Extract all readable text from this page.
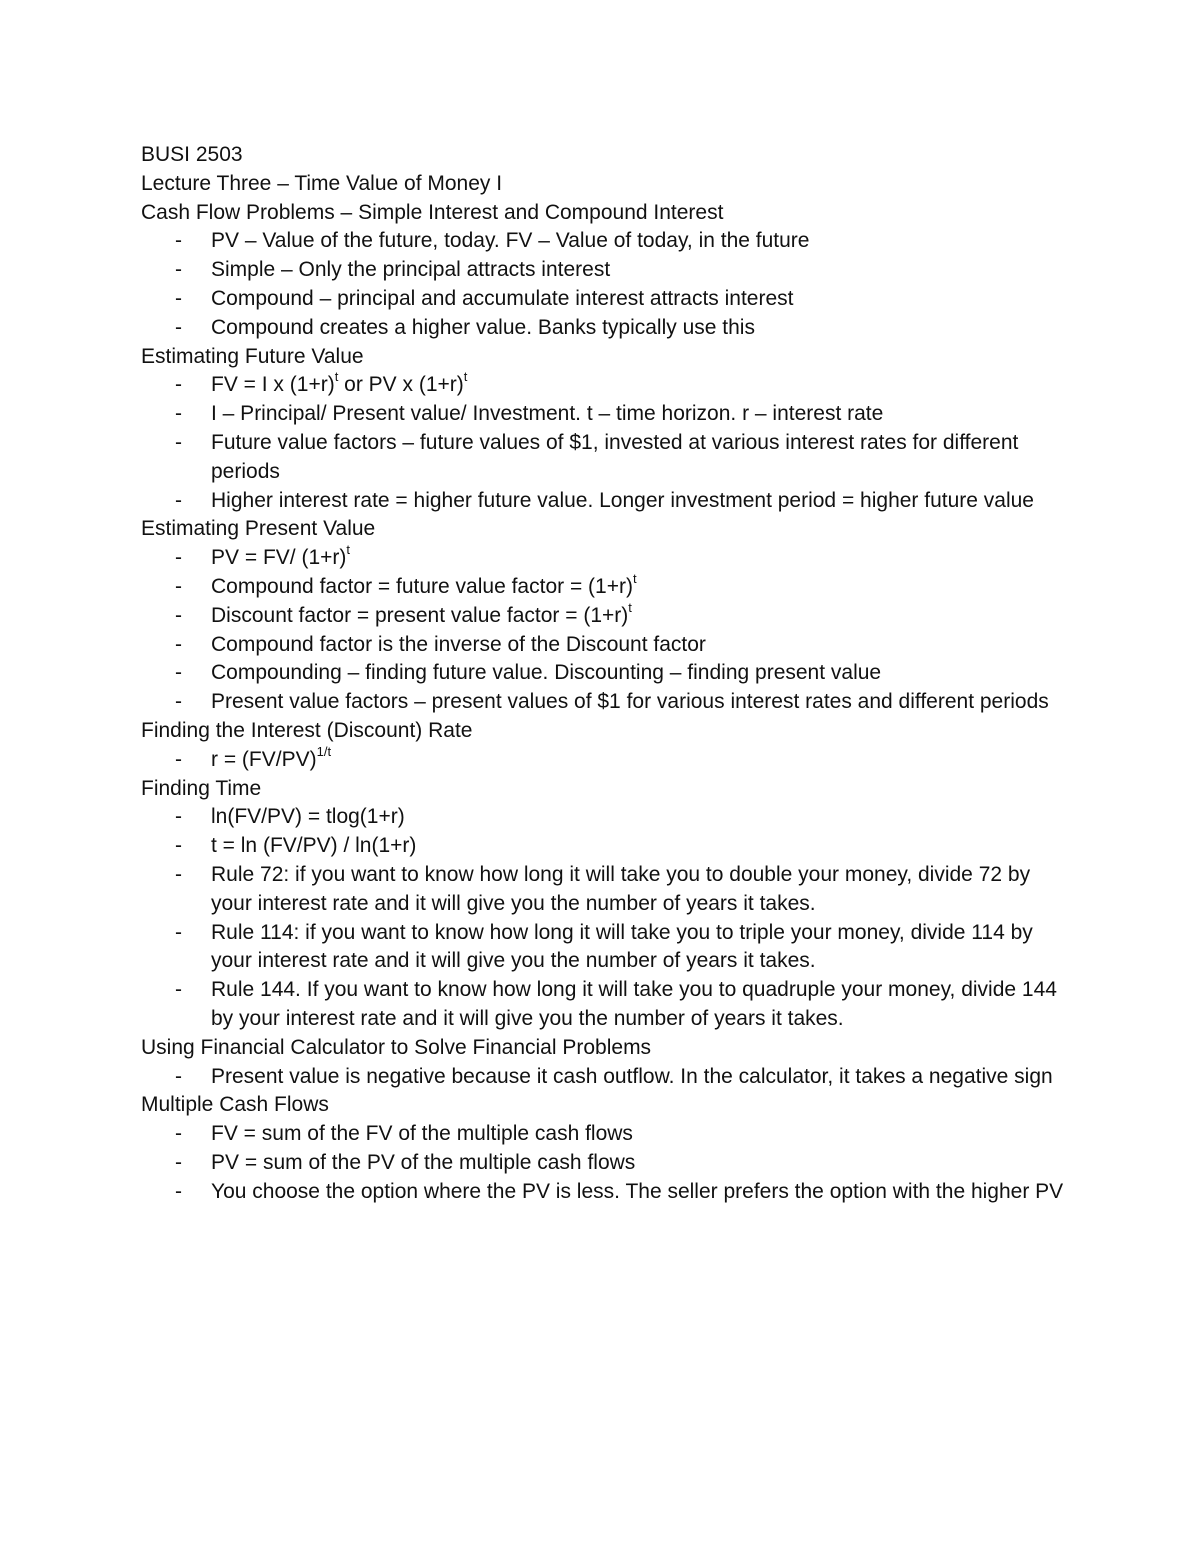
BUSI 2503

Lecture Three – Time Value of Money I

Cash Flow Problems – Simple Interest and Compound Interest

- PV – Value of the future, today. FV – Value of today, in the future
- Simple – Only the principal attracts interest
- Compound – principal and accumulate interest attracts interest
- Compound creates a higher value. Banks typically use this

Estimating Future Value

- FV = I x $(1+r)^t$ or PV x $(1+r)^t$
- I – Principal/ Present value/ Investment. t – time horizon. r – interest rate
- Future value factors – future values of $1, invested at various interest rates for different periods
- Higher interest rate = higher future value. Longer investment period = higher future value

Estimating Present Value

- PV = FV/ $(1+r)^t$
- Compound factor = future value factor = $(1+r)^t$
- Discount factor = present value factor = $(1+r)^t$
- Compound factor is the inverse of the Discount factor
- Compounding – finding future value. Discounting – finding present value
- Present value factors – present values of $1 for various interest rates and different periods

Finding the Interest (Discount) Rate

- $r = (FV/PV)^{1/t}$

Finding Time

- ln(FV/PV) = tlog(1+r)
- t = ln (FV/PV) / ln(1+r)
- Rule 72: if you want to know how long it will take you to double your money, divide 72 by your interest rate and it will give you the number of years it takes.
- Rule 114: if you want to know how long it will take you to triple your money, divide 114 by your interest rate and it will give you the number of years it takes.
- Rule 144. If you want to know how long it will take you to quadruple your money, divide 144 by your interest rate and it will give you the number of years it takes.

Using Financial Calculator to Solve Financial Problems

- Present value is negative because it cash outflow. In the calculator, it takes a negative sign

Multiple Cash Flows

- FV = sum of the FV of the multiple cash flows
- PV = sum of the PV of the multiple cash flows
- You choose the option where the PV is less. The seller prefers the option with the higher PV
